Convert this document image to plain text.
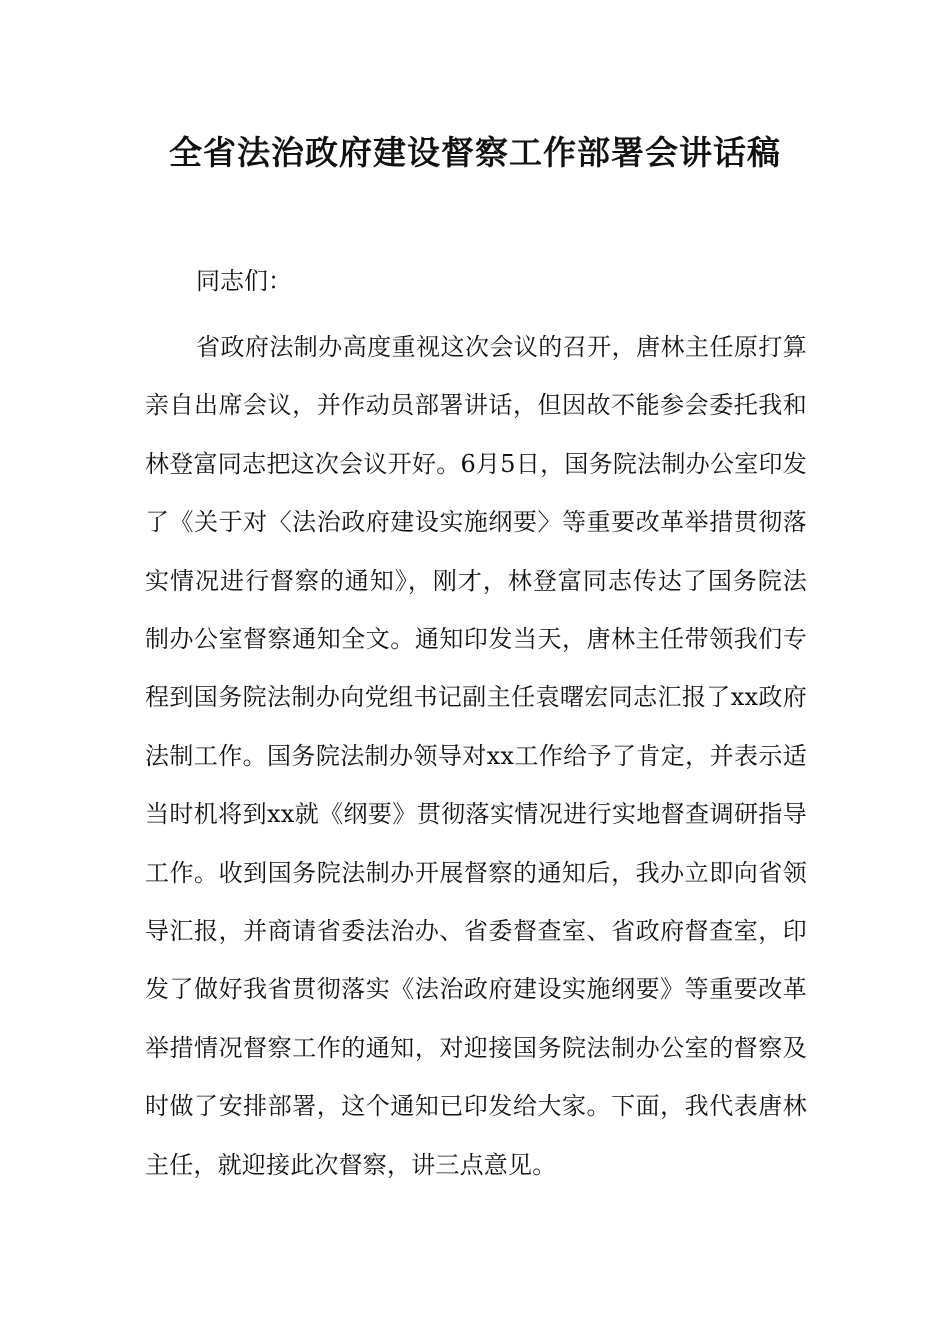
全省法治政府建设督察工作部署会讲话稿

同志们：

省政府法制办高度重视这次会议的召开，唐林主任原打算亲自出席会议，并作动员部署讲话，但因故不能参会委托我和林登富同志把这次会议开好。6月5日，国务院法制办公室印发了《关于对〈法治政府建设实施纲要〉等重要改革举措贯彻落实情况进行督察的通知》，刚才，林登富同志传达了国务院法制办公室督察通知全文。通知印发当天，唐林主任带领我们专程到国务院法制办向党组书记副主任袁曙宏同志汇报了xx政府法制工作。国务院法制办领导对xx工作给予了肯定，并表示适当时机将到xx就《纲要》贯彻落实情况进行实地督查调研指导工作。收到国务院法制办开展督察的通知后，我办立即向省领导汇报，并商请省委法治办、省委督查室、省政府督查室，印发了做好我省贯彻落实《法治政府建设实施纲要》等重要改革举措情况督察工作的通知，对迎接国务院法制办公室的督察及时做了安排部署，这个通知已印发给大家。下面，我代表唐林主任，就迎接此次督察，讲三点意见。
